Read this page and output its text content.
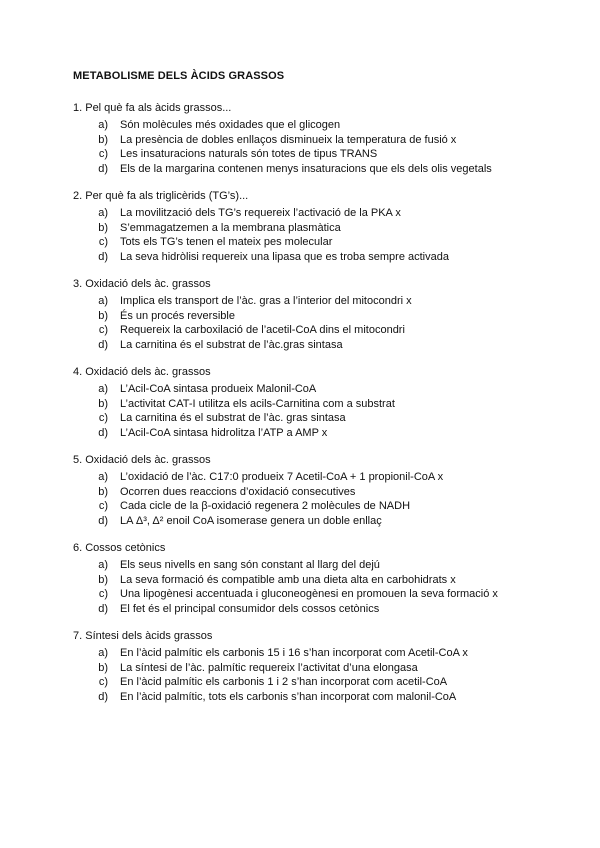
METABOLISME DELS ÀCIDS GRASSOS
1. Pel què fa als àcids grassos...
a)	Són molècules més oxidades que el glicogen
b)	La presència de dobles enllaços disminueix la temperatura de fusió x
c)	Les insaturacions naturals són totes de tipus TRANS
d)	Els de la margarina contenen menys insaturacions que els dels olis vegetals
2. Per què fa als triglicèrids (TG’s)...
a)	La movilització dels TG’s requereix l’activació de la PKA x
b)	S’emmagatzemen a la membrana plasmàtica
c)	Tots els TG’s tenen el mateix pes molecular
d)	La seva hidròlisi requereix una lipasa que es troba sempre activada
3. Oxidació dels àc. grassos
a)	Implica els transport de l’àc. gras a l’interior del mitocondri x
b)	És un procés reversible
c)	Requereix la carboxilació de l’acetil-CoA dins el mitocondri
d)	La carnitina és el substrat de l’àc.gras sintasa
4. Oxidació dels àc. grassos
a)	L’Acil-CoA sintasa produeix Malonil-CoA
b)	L’activitat CAT-I utilitza els acils-Carnitina com a substrat
c)	La carnitina és el substrat de l’àc. gras sintasa
d)	L’Acil-CoA sintasa hidrolitza l’ATP a AMP x
5. Oxidació dels àc. grassos
a)	L’oxidació de l’àc. C17:0 produeix 7 Acetil-CoA + 1 propionil-CoA x
b)	Ocorren dues reaccions d’oxidació consecutives
c)	Cada cicle de la β-oxidació regenera 2 molècules de NADH
d)	LA Δ³, Δ² enoil CoA isomerase genera un doble enllaç
6. Cossos cetònics
a)	Els seus nivells en sang són constant al llarg del dejú
b)	La seva formació és compatible amb una dieta alta en carbohidrats x
c)	Una lipogènesi accentuada i gluconeogènesi en promouen la seva formació x
d)	El fet és el principal consumidor dels cossos cetònics
7. Síntesi dels àcids grassos
a)	En l’àcid palmític els carbonis 15 i 16 s’han incorporat com Acetil-CoA x
b)	La síntesi de l’àc. palmític requereix l’activitat d’una elongasa
c)	En l’àcid palmític els carbonis 1 i 2 s’han incorporat com acetil-CoA
d)	En l’àcid palmític, tots els carbonis s’han incorporat com malonil-CoA
